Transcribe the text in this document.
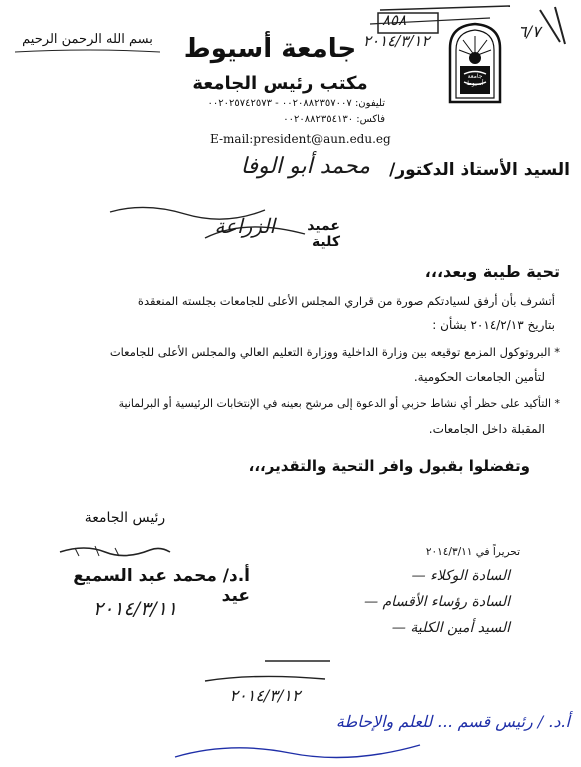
٨٥٨
٢٠١٤/٣/١٢	٦/٧
بسم الله الرحمن الرحيم
جامعة أسيوط
جامعة أسيوط
مكتب رئيس الجامعة
تليفون: ٠٠٢٠٨٨٢٣٥٧٠٠٧ - ٠٠٢٠٢٥٧٤٢٥٧٣
فاكس: ٠٠٢٠٨٨٢٣٥٤١٣٠
E-mail:president@aun.edu.eg
السيد الأستاذ الدكتور/
محمد أبو الوفا
عميد كلية
الزراعة
تحية طيبة وبعد،،،
أتشرف بأن أرفق لسيادتكم صورة من قراري المجلس الأعلى للجامعات بجلسته المنعقدة
بتاريخ ٢٠١٤/٢/١٣ بشأن :
* البروتوكول المزمع توقيعه بين وزارة الداخلية ووزارة التعليم العالي والمجلس الأعلى للجامعات
لتأمين الجامعات الحكومية.
* التأكيد على حظر أي نشاط حزبي أو الدعوة إلى مرشح بعينه في الإنتخابات الرئيسية أو البرلمانية
المقبلة داخل الجامعات.
وتفضلوا بقبول وافر التحية والتقدير،،،
رئيس الجامعة
أ.د/ محمد عبد السميع عيد
٢٠١٤/٣/١١
تحريراً في ٢٠١٤/٣/١١
السادة الوكلاء —
السادة رؤساء الأقسام —
السيد أمين الكلية —
٢٠١٤/٣/١٢
أ.د. / رئيس قسم ... للعلم والإحاطة
